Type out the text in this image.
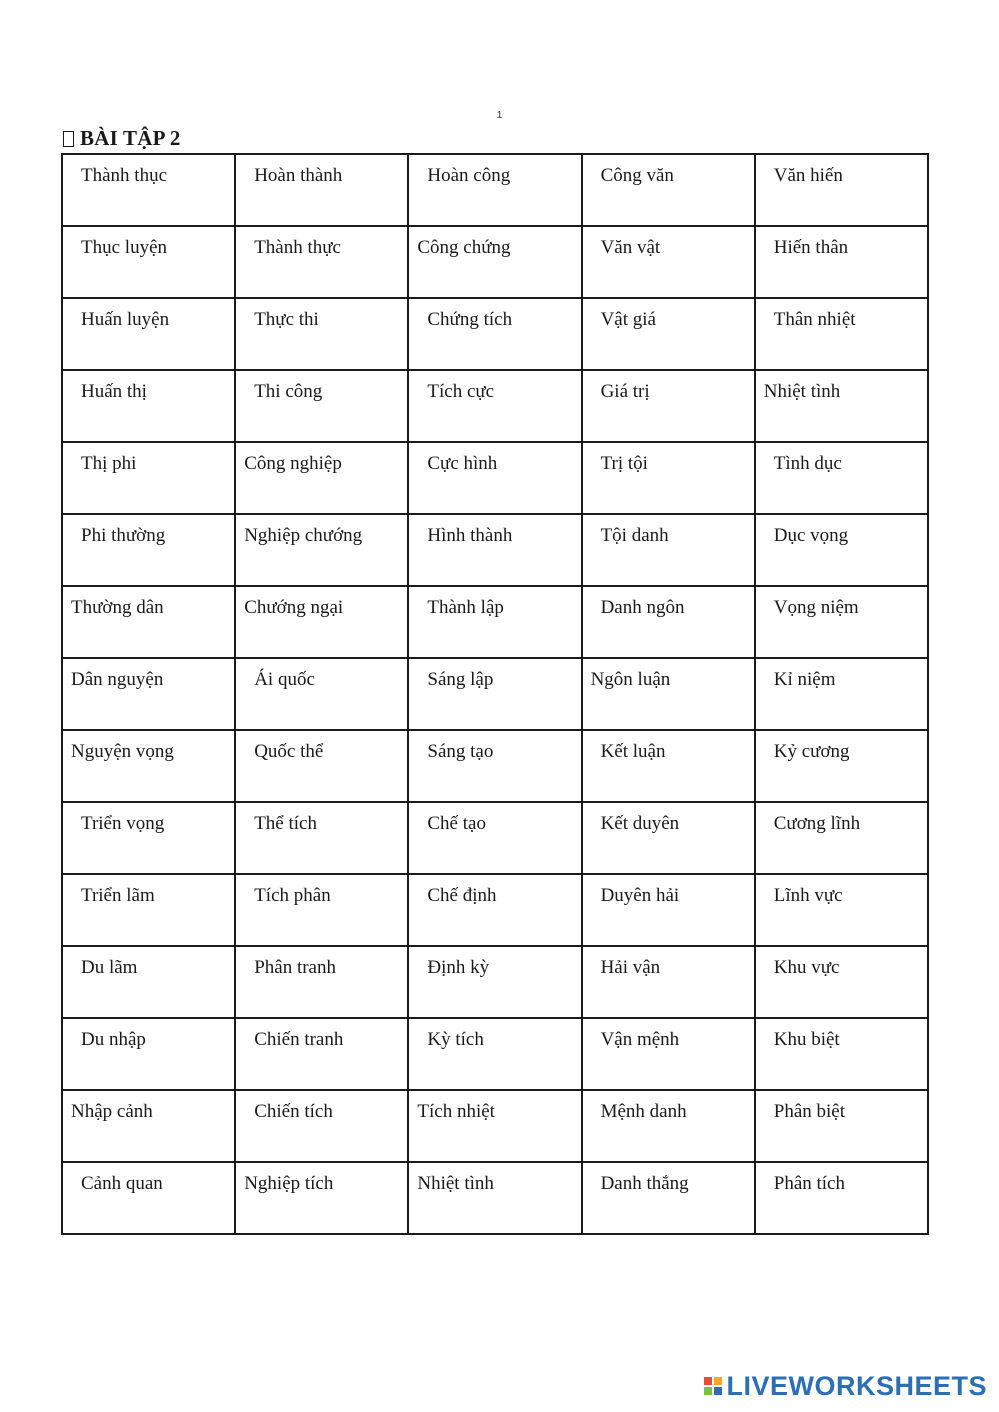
1
BÀI TẬP 2
Thành thục	Hoàn thành	Hoàn công	Công văn	Văn hiến
Thục luyện	Thành thực	Công chứng	Văn vật	Hiến thân
Huấn luyện	Thực thi	Chứng tích	Vật giá	Thân nhiệt
Huấn thị	Thi công	Tích cực	Giá trị	Nhiệt tình
Thị phi	Công nghiệp	Cực hình	Trị tội	Tình dục
Phi thường	Nghiệp chướng	Hình thành	Tội danh	Dục vọng
Thường dân	Chướng ngại	Thành lập	Danh ngôn	Vọng niệm
Dân nguyện	Ái quốc	Sáng lập	Ngôn luận	Kỉ niệm
Nguyện vọng	Quốc thể	Sáng tạo	Kết luận	Kỷ cương
Triển vọng	Thể tích	Chế tạo	Kết duyên	Cương lĩnh
Triển lãm	Tích phân	Chế định	Duyên hải	Lĩnh vực
Du lãm	Phân tranh	Định kỳ	Hải vận	Khu vực
Du nhập	Chiến tranh	Kỳ tích	Vận mệnh	Khu biệt
Nhập cảnh	Chiến tích	Tích nhiệt	Mệnh danh	Phân biệt
Cảnh quan	Nghiệp tích	Nhiệt tình	Danh thắng	Phân tích
LIVEWORKSHEETS
